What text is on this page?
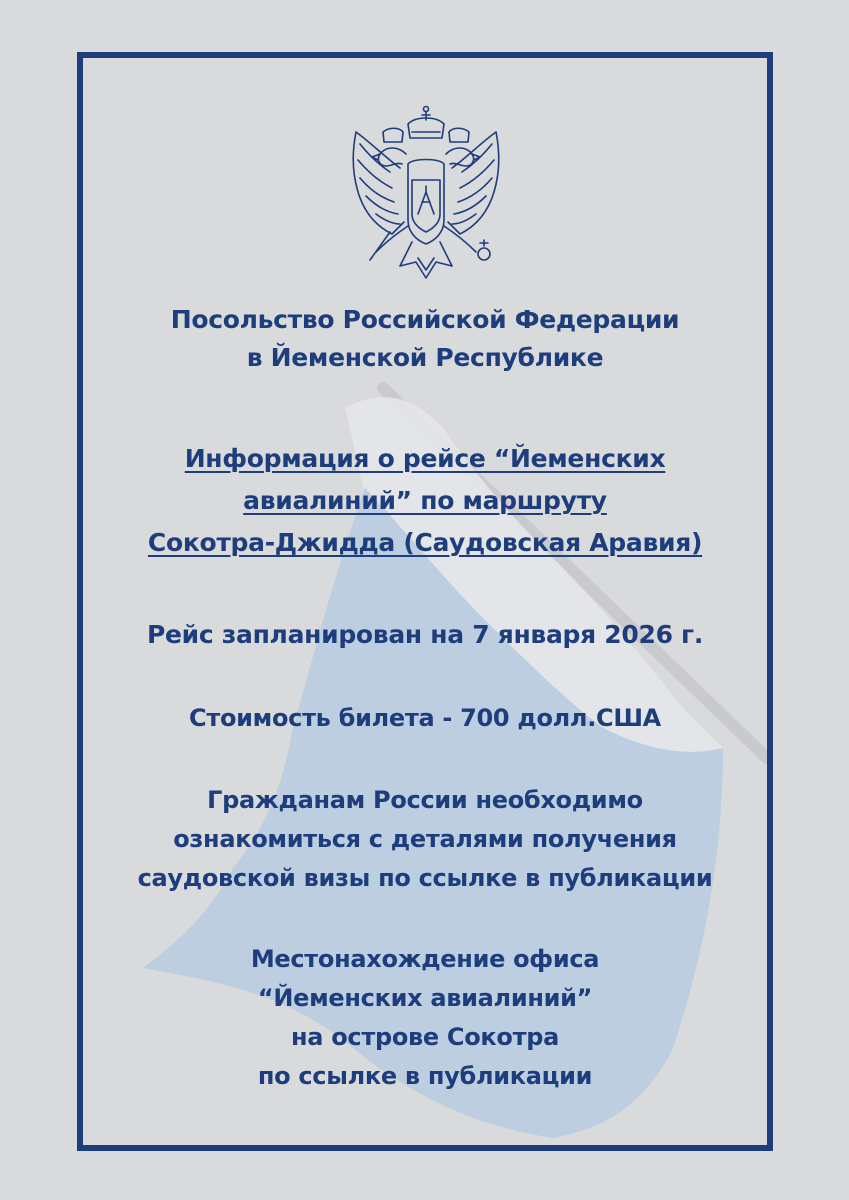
Посольство Российской Федерации
в Йеменской Республике
Информация о рейсе “Йеменских
авиалиний” по маршруту
Сокотра-Джидда (Саудовская Аравия)
Рейс запланирован на 7 января 2026 г.
Стоимость билета - 700 долл.США
Гражданам России необходимо
ознакомиться с деталями получения
саудовской визы по ссылке в публикации
Местонахождение офиса
“Йеменских авиалиний”
на острове Сокотра
по ссылке в публикации
